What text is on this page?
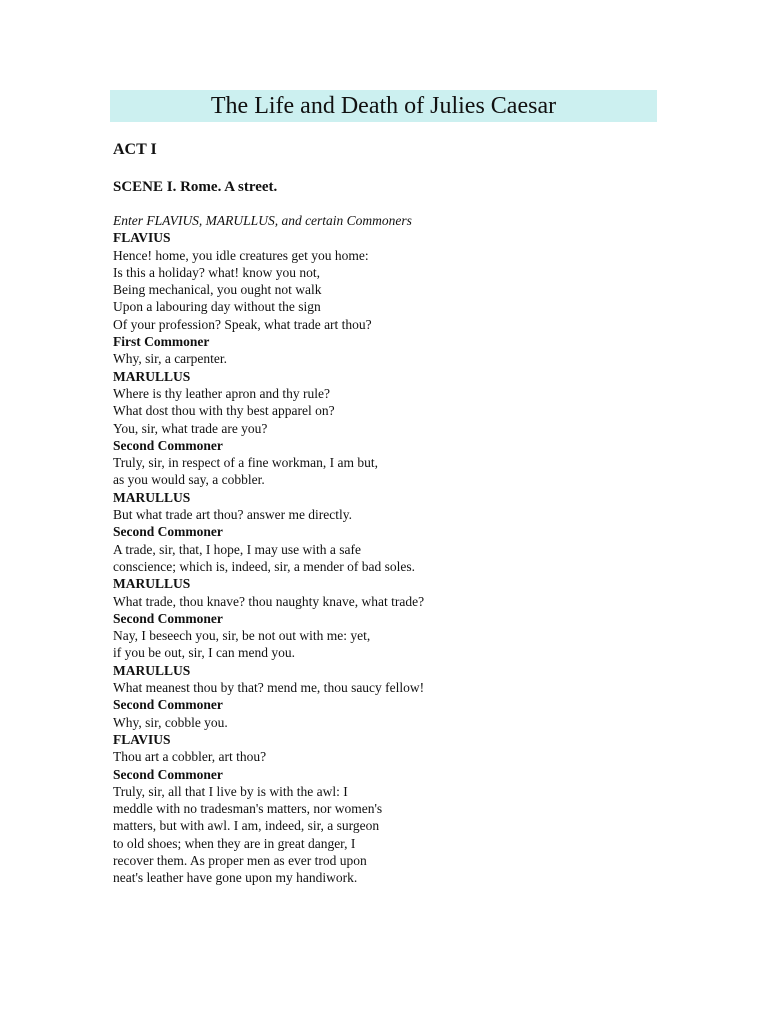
The Life and Death of Julies Caesar
ACT I
SCENE I. Rome. A street.
Enter FLAVIUS, MARULLUS, and certain Commoners
FLAVIUS
Hence! home, you idle creatures get you home:
Is this a holiday? what! know you not,
Being mechanical, you ought not walk
Upon a labouring day without the sign
Of your profession? Speak, what trade art thou?
First Commoner
Why, sir, a carpenter.
MARULLUS
Where is thy leather apron and thy rule?
What dost thou with thy best apparel on?
You, sir, what trade are you?
Second Commoner
Truly, sir, in respect of a fine workman, I am but,
as you would say, a cobbler.
MARULLUS
But what trade art thou? answer me directly.
Second Commoner
A trade, sir, that, I hope, I may use with a safe
conscience; which is, indeed, sir, a mender of bad soles.
MARULLUS
What trade, thou knave? thou naughty knave, what trade?
Second Commoner
Nay, I beseech you, sir, be not out with me: yet,
if you be out, sir, I can mend you.
MARULLUS
What meanest thou by that? mend me, thou saucy fellow!
Second Commoner
Why, sir, cobble you.
FLAVIUS
Thou art a cobbler, art thou?
Second Commoner
Truly, sir, all that I live by is with the awl: I
meddle with no tradesman's matters, nor women's
matters, but with awl. I am, indeed, sir, a surgeon
to old shoes; when they are in great danger, I
recover them. As proper men as ever trod upon
neat's leather have gone upon my handiwork.
